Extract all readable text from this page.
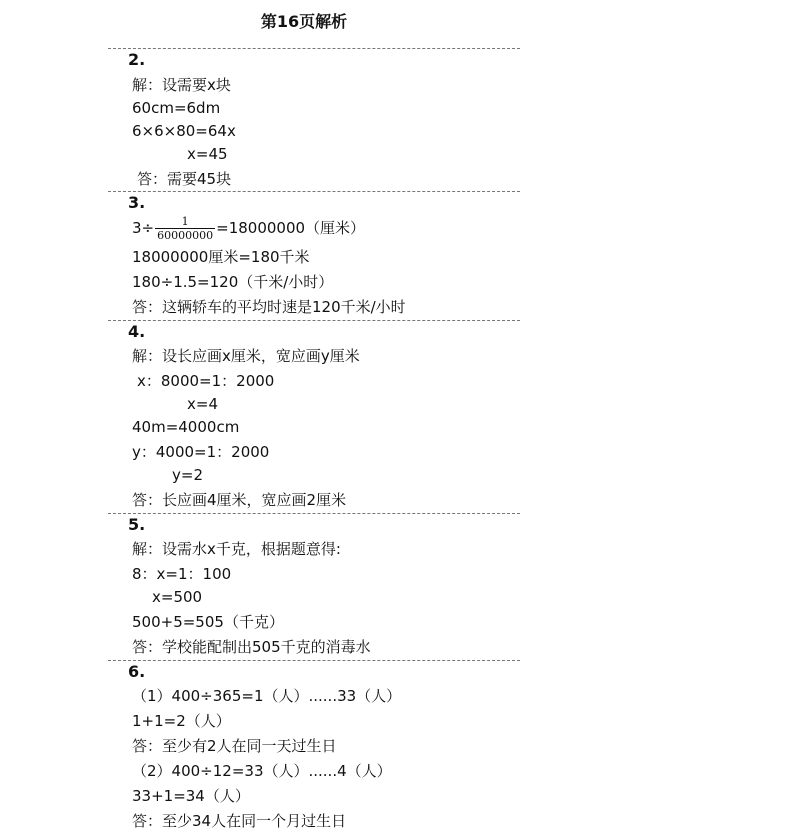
第16页解析
2.
解：设需要x块
60cm=6dm
6×6×80=64x
x=45
答：需要45块
3.
$3\div \frac{1}{60000000} =18000000$（厘米）
18000000厘米=180千米
180÷1.5=120（千米/小时）
答：这辆轿车的平均时速是120千米/小时
4.
解：设长应画x厘米，宽应画y厘米
x：8000=1：2000
x=4
40m=4000cm
y：4000=1：2000
y=2
答：长应画4厘米，宽应画2厘米
5.
解：设需水x千克，根据题意得:
8：x=1：100
x=500
500+5=505（千克）
答：学校能配制出505千克的消毒水
6.
（1）400÷365=1（人）......33（人）
1+1=2（人）
答：至少有2人在同一天过生日
（2）400÷12=33（人）......4（人）
33+1=34（人）
答：至少34人在同一个月过生日
